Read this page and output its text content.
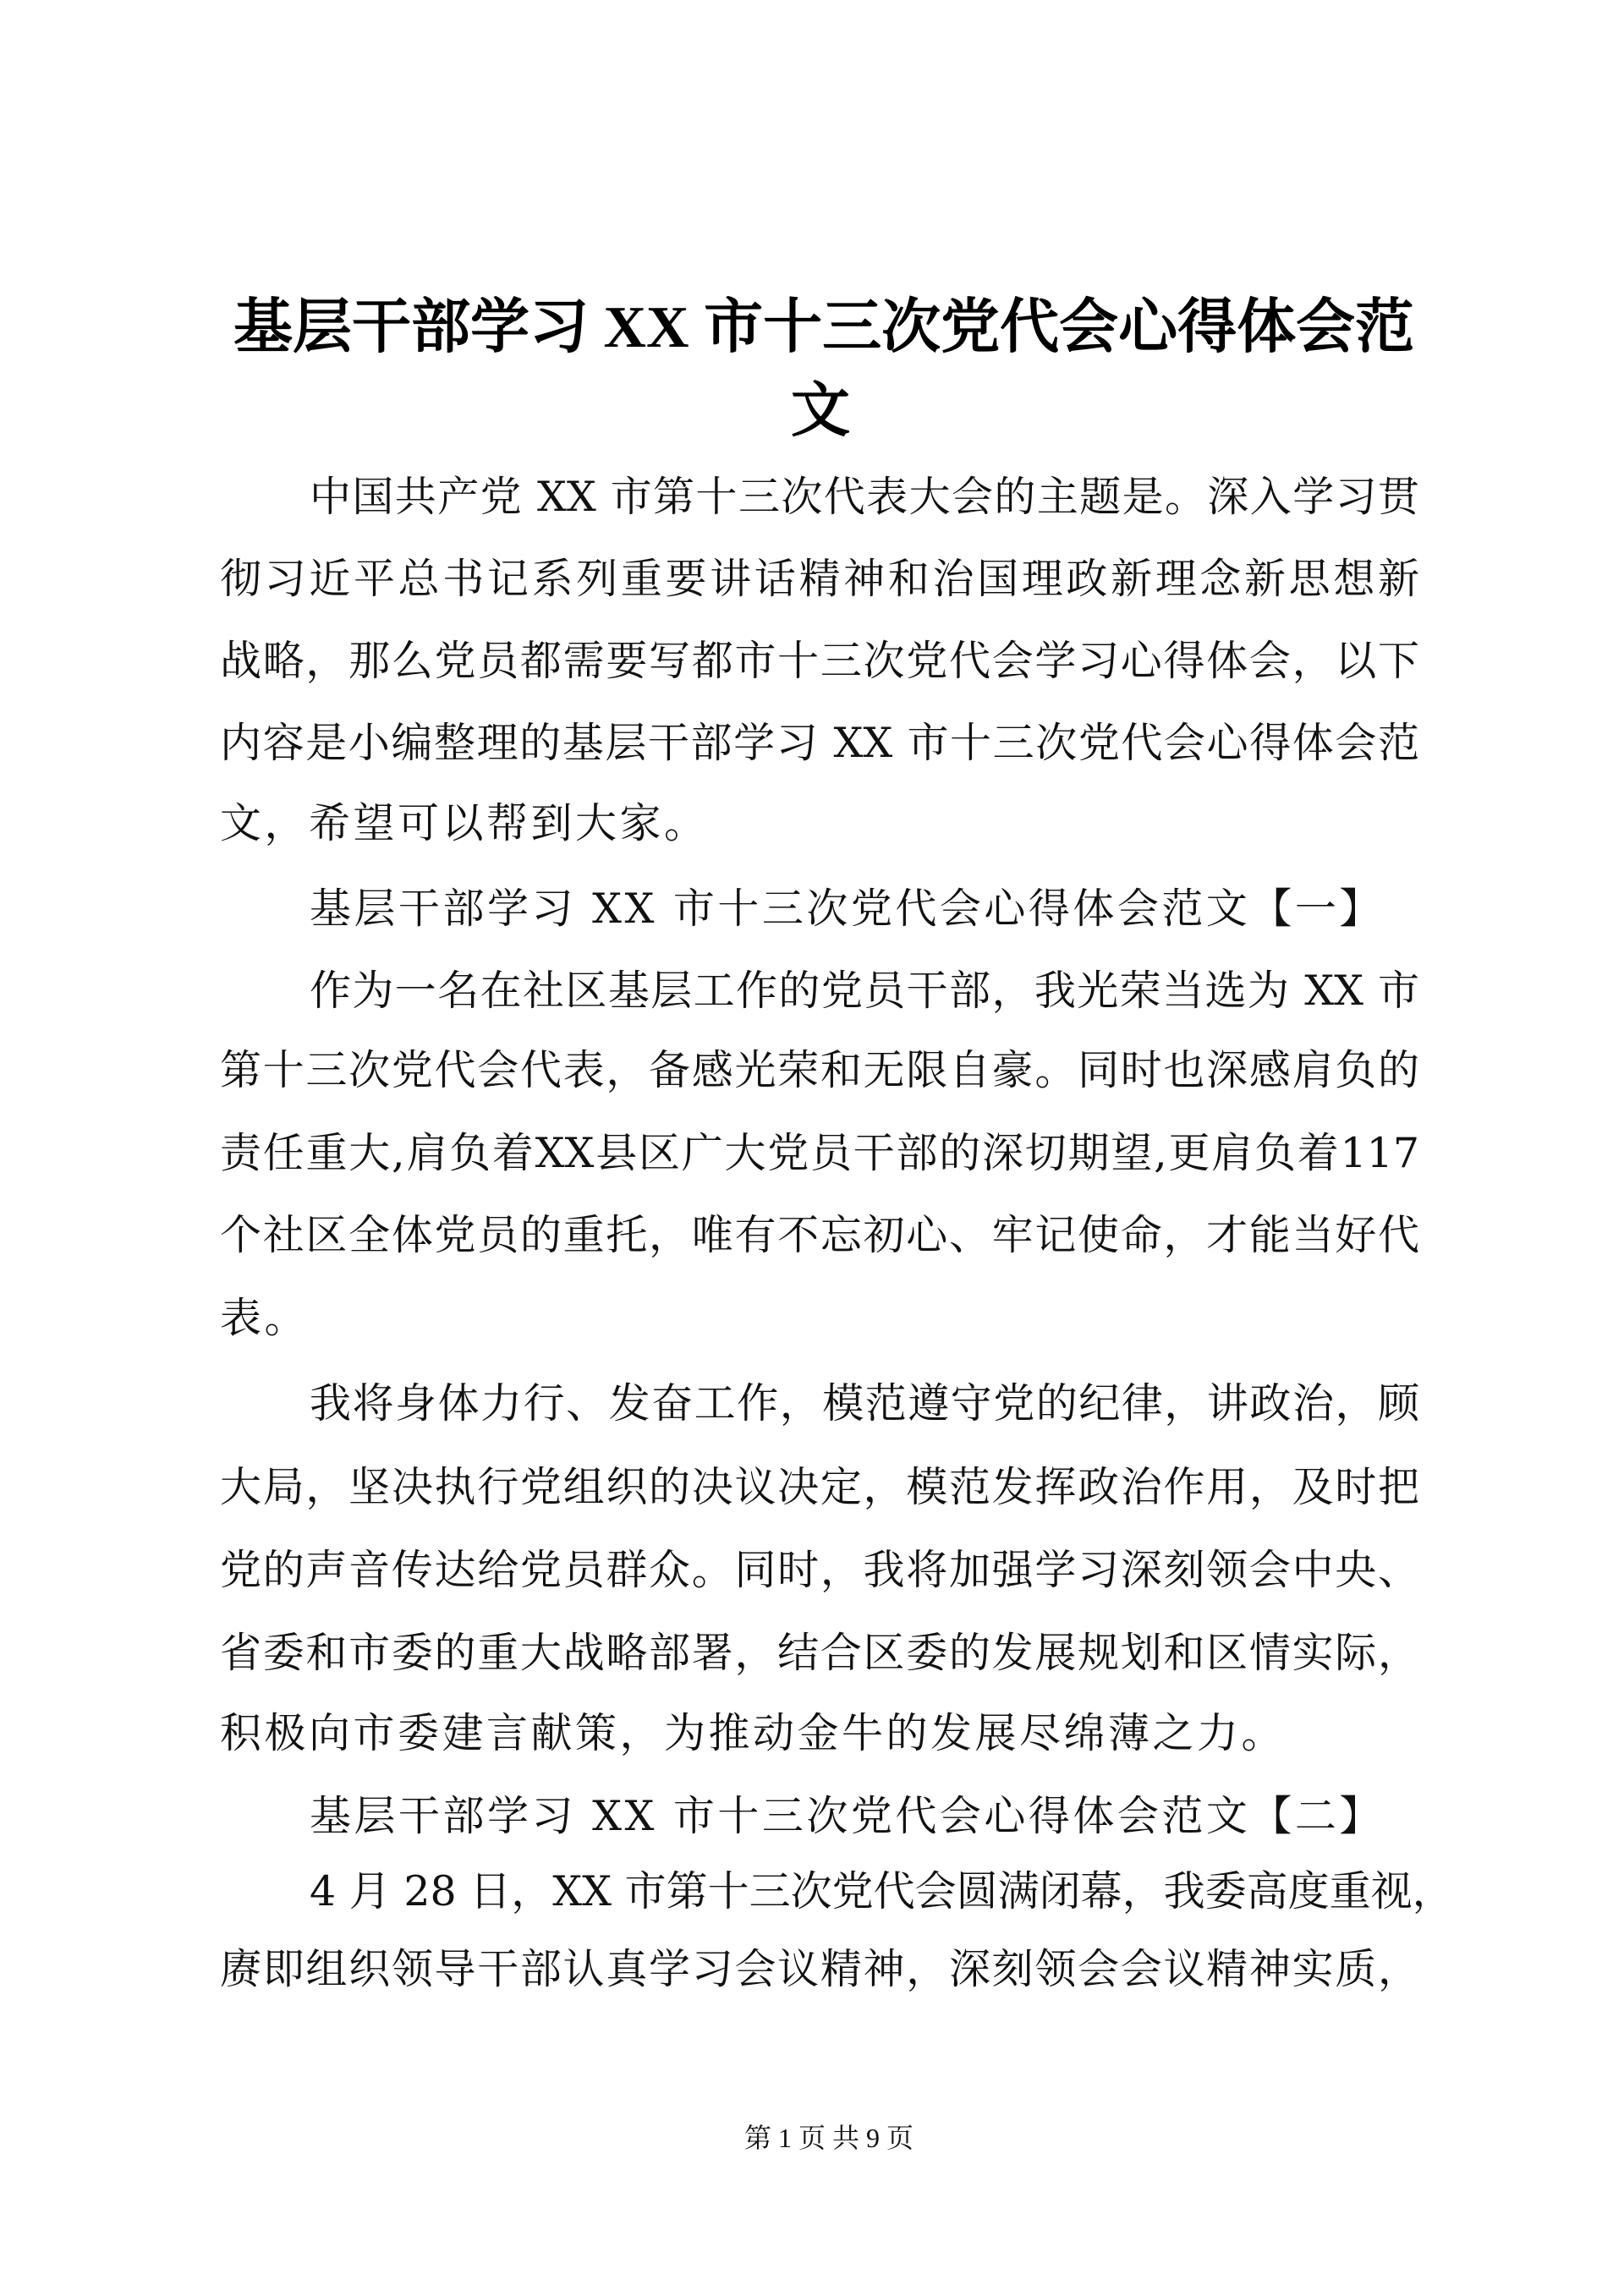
基层干部学习 XX 市十三次党代会心得体会范
文
中国共产党 XX 市第十三次代表大会的主题是。深入学习贯
彻习近平总书记系列重要讲话精神和治国理政新理念新思想新
战略，那么党员都需要写都市十三次党代会学习心得体会，以下
内容是小编整理的基层干部学习 XX 市十三次党代会心得体会范
文，希望可以帮到大家。
基层干部学习 XX 市十三次党代会心得体会范文【一】
作为一名在社区基层工作的党员干部，我光荣当选为 XX 市
第十三次党代会代表，备感光荣和无限自豪。同时也深感肩负的
责任重大,肩负着XX县区广大党员干部的深切期望,更肩负着117
个社区全体党员的重托，唯有不忘初心、牢记使命，才能当好代
表。
我将身体力行、发奋工作，模范遵守党的纪律，讲政治，顾
大局，坚决执行党组织的决议决定，模范发挥政治作用，及时把
党的声音传达给党员群众。同时，我将加强学习深刻领会中央、
省委和市委的重大战略部署，结合区委的发展规划和区情实际，
积极向市委建言献策，为推动金牛的发展尽绵薄之力。
基层干部学习 XX 市十三次党代会心得体会范文【二】
4 月 28 日，XX 市第十三次党代会圆满闭幕，我委高度重视，
赓即组织领导干部认真学习会议精神，深刻领会会议精神实质，
第 1 页 共 9 页
